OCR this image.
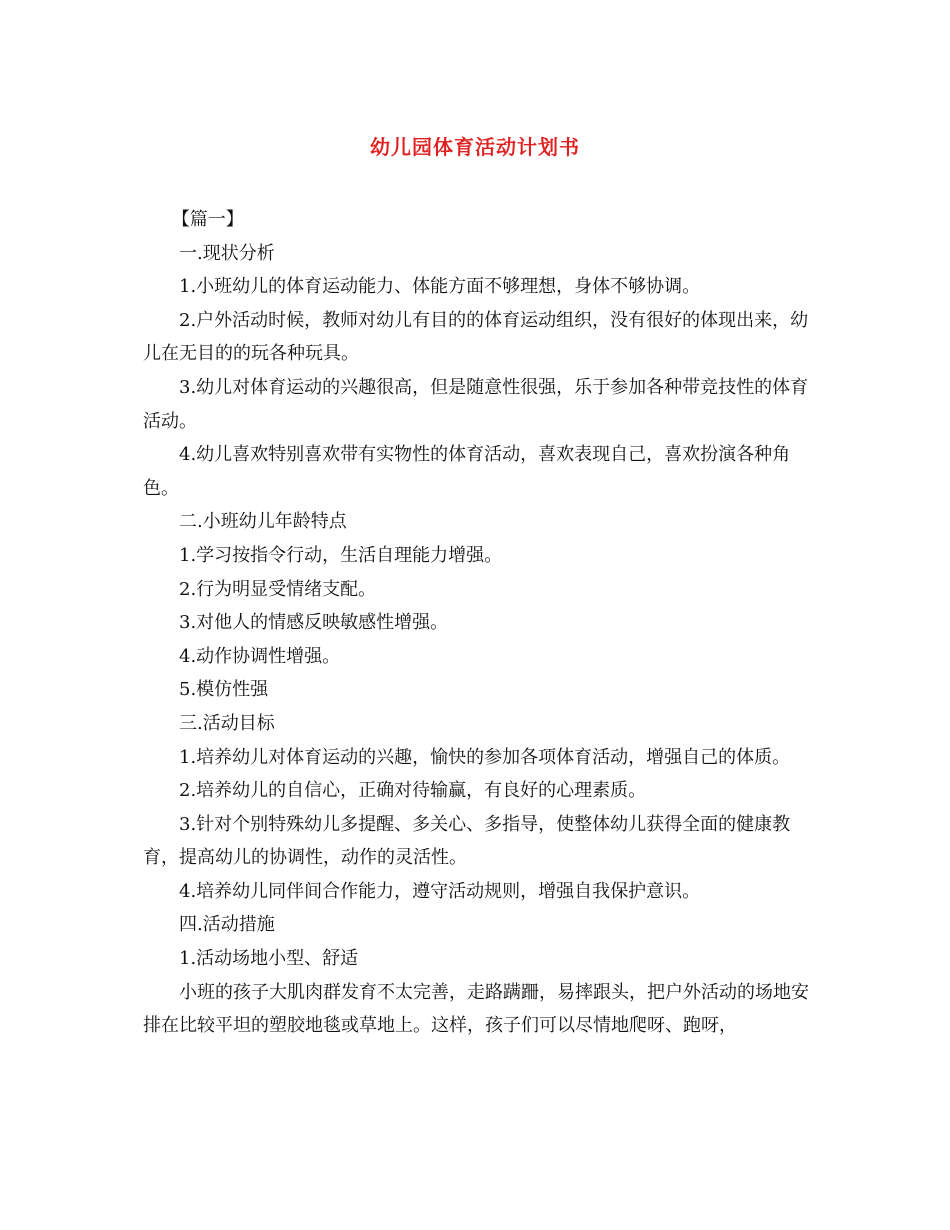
幼儿园体育活动计划书

【篇一】

一.现状分析

1.小班幼儿的体育运动能力、体能方面不够理想，身体不够协调。

2.户外活动时候，教师对幼儿有目的的体育运动组织，没有很好的体现出来，幼儿在无目的的玩各种玩具。

3.幼儿对体育运动的兴趣很高，但是随意性很强，乐于参加各种带竞技性的体育活动。

4.幼儿喜欢特别喜欢带有实物性的体育活动，喜欢表现自己，喜欢扮演各种角色。

二.小班幼儿年龄特点

1.学习按指令行动，生活自理能力增强。

2.行为明显受情绪支配。

3.对他人的情感反映敏感性增强。

4.动作协调性增强。

5.模仿性强

三.活动目标

1.培养幼儿对体育运动的兴趣，愉快的参加各项体育活动，增强自己的体质。

2.培养幼儿的自信心，正确对待输赢，有良好的心理素质。

3.针对个别特殊幼儿多提醒、多关心、多指导，使整体幼儿获得全面的健康教育，提高幼儿的协调性，动作的灵活性。

4.培养幼儿同伴间合作能力，遵守活动规则，增强自我保护意识。

四.活动措施

1.活动场地小型、舒适

小班的孩子大肌肉群发育不太完善，走路蹒跚，易摔跟头，把户外活动的场地安排在比较平坦的塑胶地毯或草地上。这样，孩子们可以尽情地爬呀、跑呀，
